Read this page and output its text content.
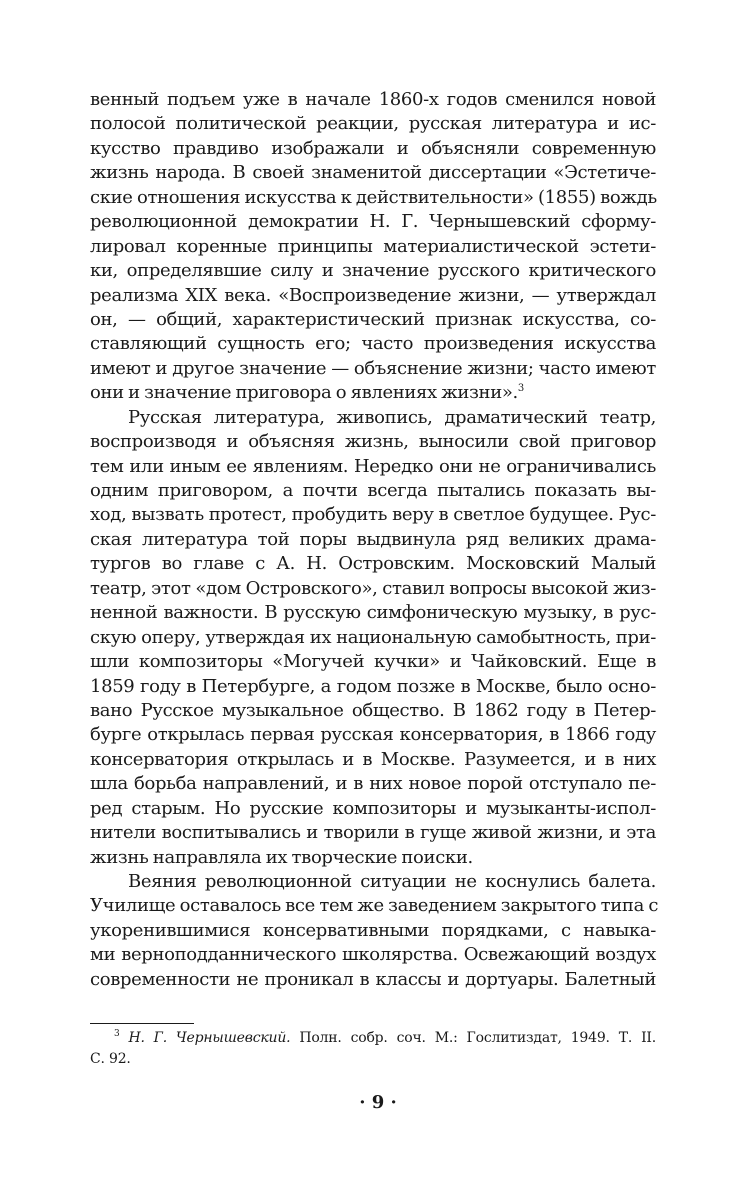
венный подъем уже в начале 1860-х годов сменился новой
полосой политической реакции, русская литература и ис-
кусство правдиво изображали и объясняли современную
жизнь народа. В своей знаменитой диссертации «Эстетиче-
ские отношения искусства к действительности» (1855) вождь
революционной демократии Н. Г. Чернышевский сформу-
лировал коренные принципы материалистической эстети-
ки, определявшие силу и значение русского критического
реализма XIX века. «Воспроизведение жизни, — утверждал
он, — общий, характеристический признак искусства, со-
ставляющий сущность его; часто произведения искусства
имеют и другое значение — объяснение жизни; часто имеют
они и значение приговора о явлениях жизни».$^3$
Русская литература, живопись, драматический театр,
воспроизводя и объясняя жизнь, выносили свой приговор
тем или иным ее явлениям. Нередко они не ограничивались
одним приговором, а почти всегда пытались показать вы-
ход, вызвать протест, пробудить веру в светлое будущее. Рус-
ская литература той поры выдвинула ряд великих драма-
тургов во главе с А. Н. Островским. Московский Малый
театр, этот «дом Островского», ставил вопросы высокой жиз-
ненной важности. В русскую симфоническую музыку, в рус-
скую оперу, утверждая их национальную самобытность, при-
шли композиторы «Могучей кучки» и Чайковский. Еще в
1859 году в Петербурге, а годом позже в Москве, было осно-
вано Русское музыкальное общество. В 1862 году в Петер-
бурге открылась первая русская консерватория, в 1866 году
консерватория открылась и в Москве. Разумеется, и в них
шла борьба направлений, и в них новое порой отступало пе-
ред старым. Но русские композиторы и музыканты-испол-
нители воспитывались и творили в гуще живой жизни, и эта
жизнь направляла их творческие поиски.
Веяния революционной ситуации не коснулись балета.
Училище оставалось все тем же заведением закрытого типа с
укоренившимися консервативными порядками, с навыка-
ми верноподданнического школярства. Освежающий воздух
современности не проникал в классы и дортуары. Балетный
$^3$ Н. Г. Чернышевский. Полн. собр. соч. М.: Гослитиздат, 1949. Т. II.
С. 92.
· 9 ·
